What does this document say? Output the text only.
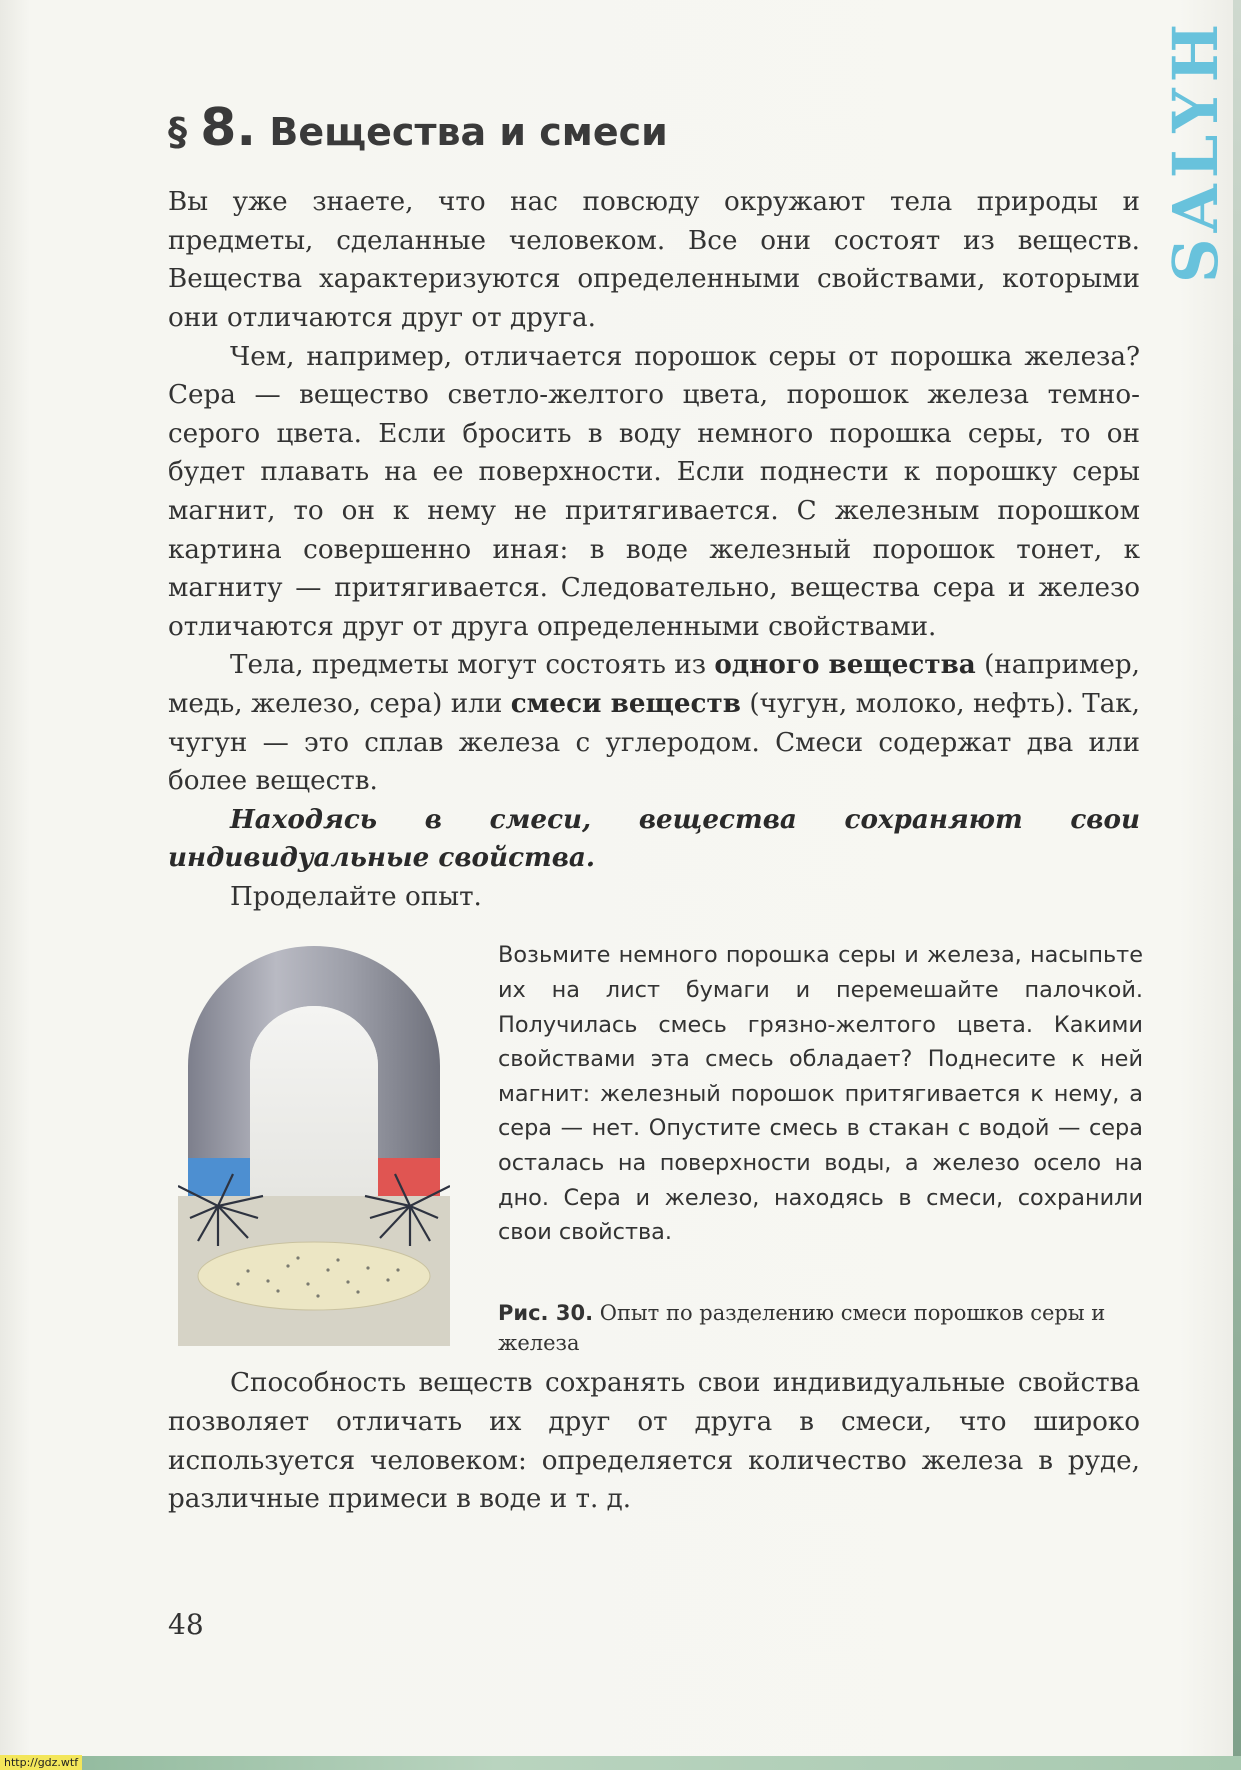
SALYH
§ 8. Вещества и смеси

Вы уже знаете, что нас повсюду окружают тела природы и предметы, сделанные человеком. Все они состоят из веществ. Вещества характеризуются определенными свойствами, которыми они отличаются друг от друга.

Чем, например, отличается порошок серы от порошка железа? Сера — вещество светло-желтого цвета, порошок железа темно-серого цвета. Если бросить в воду немного порошка серы, то он будет плавать на ее поверхности. Если поднести к порошку серы магнит, то он к нему не притягивается. С железным порошком картина совершенно иная: в воде железный порошок тонет, к магниту — притягивается. Следовательно, вещества сера и железо отличаются друг от друга определенными свойствами.

Тела, предметы могут состоять из одного вещества (например, медь, железо, сера) или смеси веществ (чугун, молоко, нефть). Так, чугун — это сплав железа с углеродом. Смеси содержат два или более веществ.

Находясь в смеси, вещества сохраняют свои индивидуальные свойства.

Проделайте опыт.

Возьмите немного порошка серы и железа, насыпьте их на лист бумаги и перемешайте палочкой. Получилась смесь грязно-желтого цвета. Какими свойствами эта смесь обладает? Поднесите к ней магнит: железный порошок притягивается к нему, а сера — нет. Опустите смесь в стакан с водой — сера осталась на поверхности воды, а железо осело на дно. Сера и железо, находясь в смеси, сохранили свои свойства.
Рис. 30. Опыт по разделению смеси порошков серы и железа

Способность веществ сохранять свои индивидуальные свойства позволяет отличать их друг от друга в смеси, что широко используется человеком: определяется количество железа в руде, различные примеси в воде и т. д.

48
http://gdz.wtf
